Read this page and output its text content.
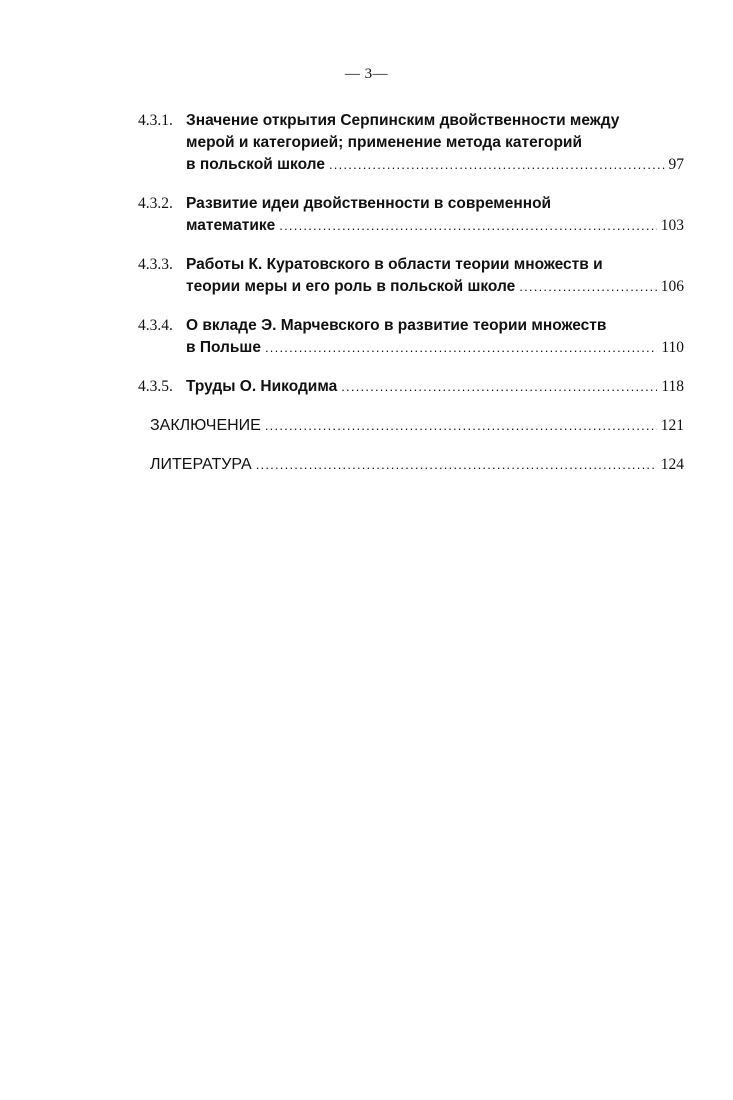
— 3—
4.3.1. Значение открытия Серпинским двойственности между
мерой и категорией; применение метода категорий
в польской школе . . .	97
4.3.2. Развитие идеи двойственности в современной
математике . . .	103
4.3.3. Работы К. Куратовского в области теории множеств и
теории меры и его роль в польской школе . . .	106
4.3.4. О вкладе Э. Марчевского в развитие теории множеств
в Польше . . .	110
4.3.5. Труды О. Никодима . . .	118
ЗАКЛЮЧЕНИЕ . . .	121
ЛИТЕРАТУРА . . .	124
